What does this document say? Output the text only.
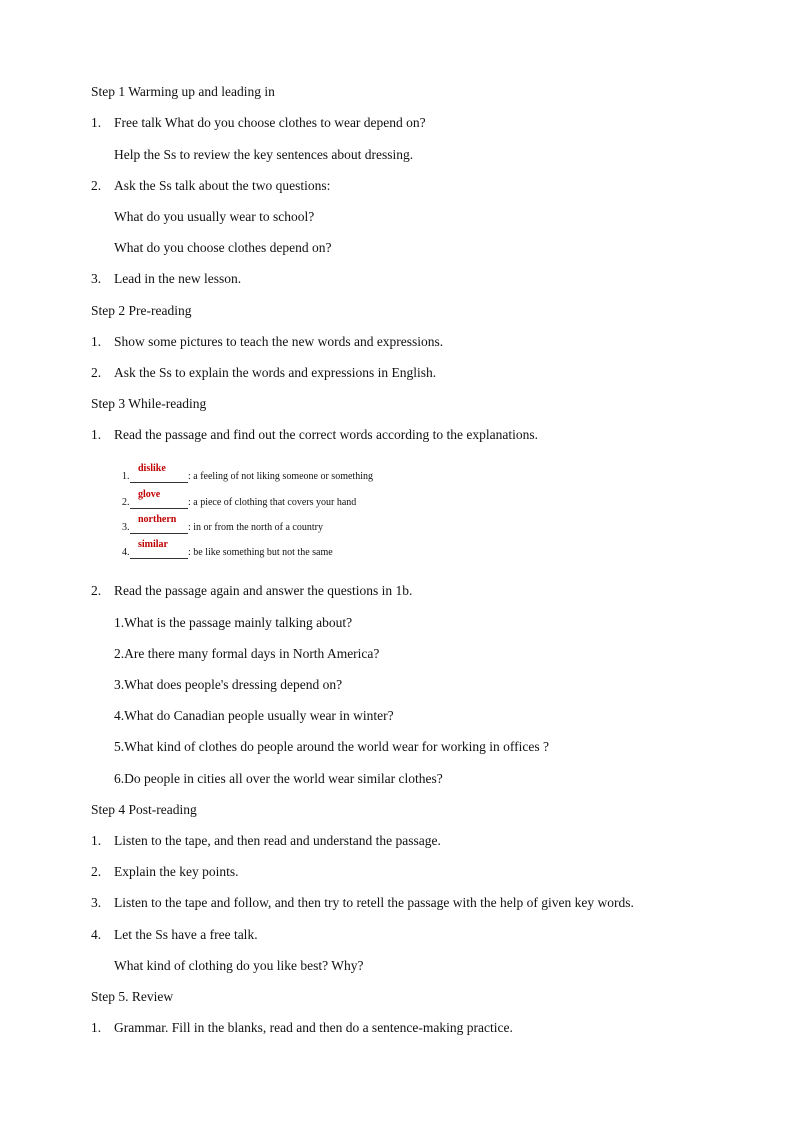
Step 1 Warming up and leading in
1. Free talk What do you choose clothes to wear depend on?
Help the Ss to review the key sentences about dressing.
2. Ask the Ss talk about the two questions:
What do you usually wear to school?
What do you choose clothes depend on?
3. Lead in the new lesson.
Step 2 Pre-reading
1. Show some pictures to teach the new words and expressions.
2. Ask the Ss to explain the words and expressions in English.
Step 3 While-reading
1. Read the passage and find out the correct words according to the explanations.
1.
dislike
: a feeling of not liking someone or something
2.
glove
: a piece of clothing that covers your hand
3.
northern
: in or from the north of a country
4.
similar
: be like something but not the same
2. Read the passage again and answer the questions in 1b.
1.What is the passage mainly talking about?
2.Are there many formal days in North America?
3.What does people's dressing depend on?
4.What do Canadian people usually wear in winter?
5.What kind of clothes do people around the world wear for working in offices ?
6.Do people in cities all over the world wear similar clothes?
Step 4 Post-reading
1. Listen to the tape, and then read and understand the passage.
2. Explain the key points.
3. Listen to the tape and follow, and then try to retell the passage with the help of given key words.
4. Let the Ss have a free talk.
What kind of clothing do you like best? Why?
Step 5. Review
1. Grammar. Fill in the blanks, read and then do a sentence-making practice.
